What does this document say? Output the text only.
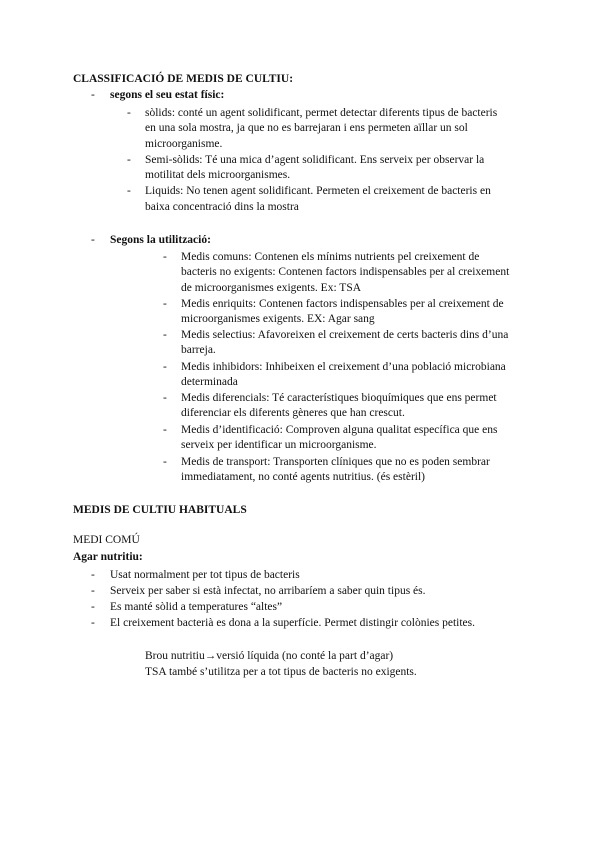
CLASSIFICACIÓ DE MEDIS DE CULTIU:
- segons el seu estat físic:
- sòlids: conté un agent solidificant, permet detectar diferents tipus de bacteris
en una sola mostra, ja que no es barrejaran i ens permeten aïllar un sol
microorganisme.
- Semi-sòlids: Té una mica d’agent solidificant. Ens serveix per observar la
motilitat dels microorganismes.
- Liquids: No tenen agent solidificant. Permeten el creixement de bacteris en
baixa concentració dins la mostra
- Segons la utilització:
- Medis comuns: Contenen els mínims nutrients pel creixement de
bacteris no exigents: Contenen factors indispensables per al creixement
de microorganismes exigents. Ex: TSA
- Medis enriquits: Contenen factors indispensables per al creixement de
microorganismes exigents. EX: Agar sang
- Medis selectius: Afavoreixen el creixement de certs bacteris dins d’una
barreja.
- Medis inhibidors: Inhibeixen el creixement d’una població microbiana
determinada
- Medis diferencials: Té característiques bioquímiques que ens permet
diferenciar els diferents gèneres que han crescut.
- Medis d’identificació: Comproven alguna qualitat específica que ens
serveix per identificar un microorganisme.
- Medis de transport: Transporten clíniques que no es poden sembrar
immediatament, no conté agents nutritius. (és estèril)
MEDIS DE CULTIU HABITUALS
MEDI COMÚ
Agar nutritiu:
- Usat normalment per tot tipus de bacteris
- Serveix per saber si està infectat, no arribaríem a saber quin tipus és.
- Es manté sòlid a temperatures “altes”
- El creixement bacterià es dona a la superfície. Permet distingir colònies petites.
Brou nutritiu→versió líquida (no conté la part d’agar)
TSA també s’utilitza per a tot tipus de bacteris no exigents.
